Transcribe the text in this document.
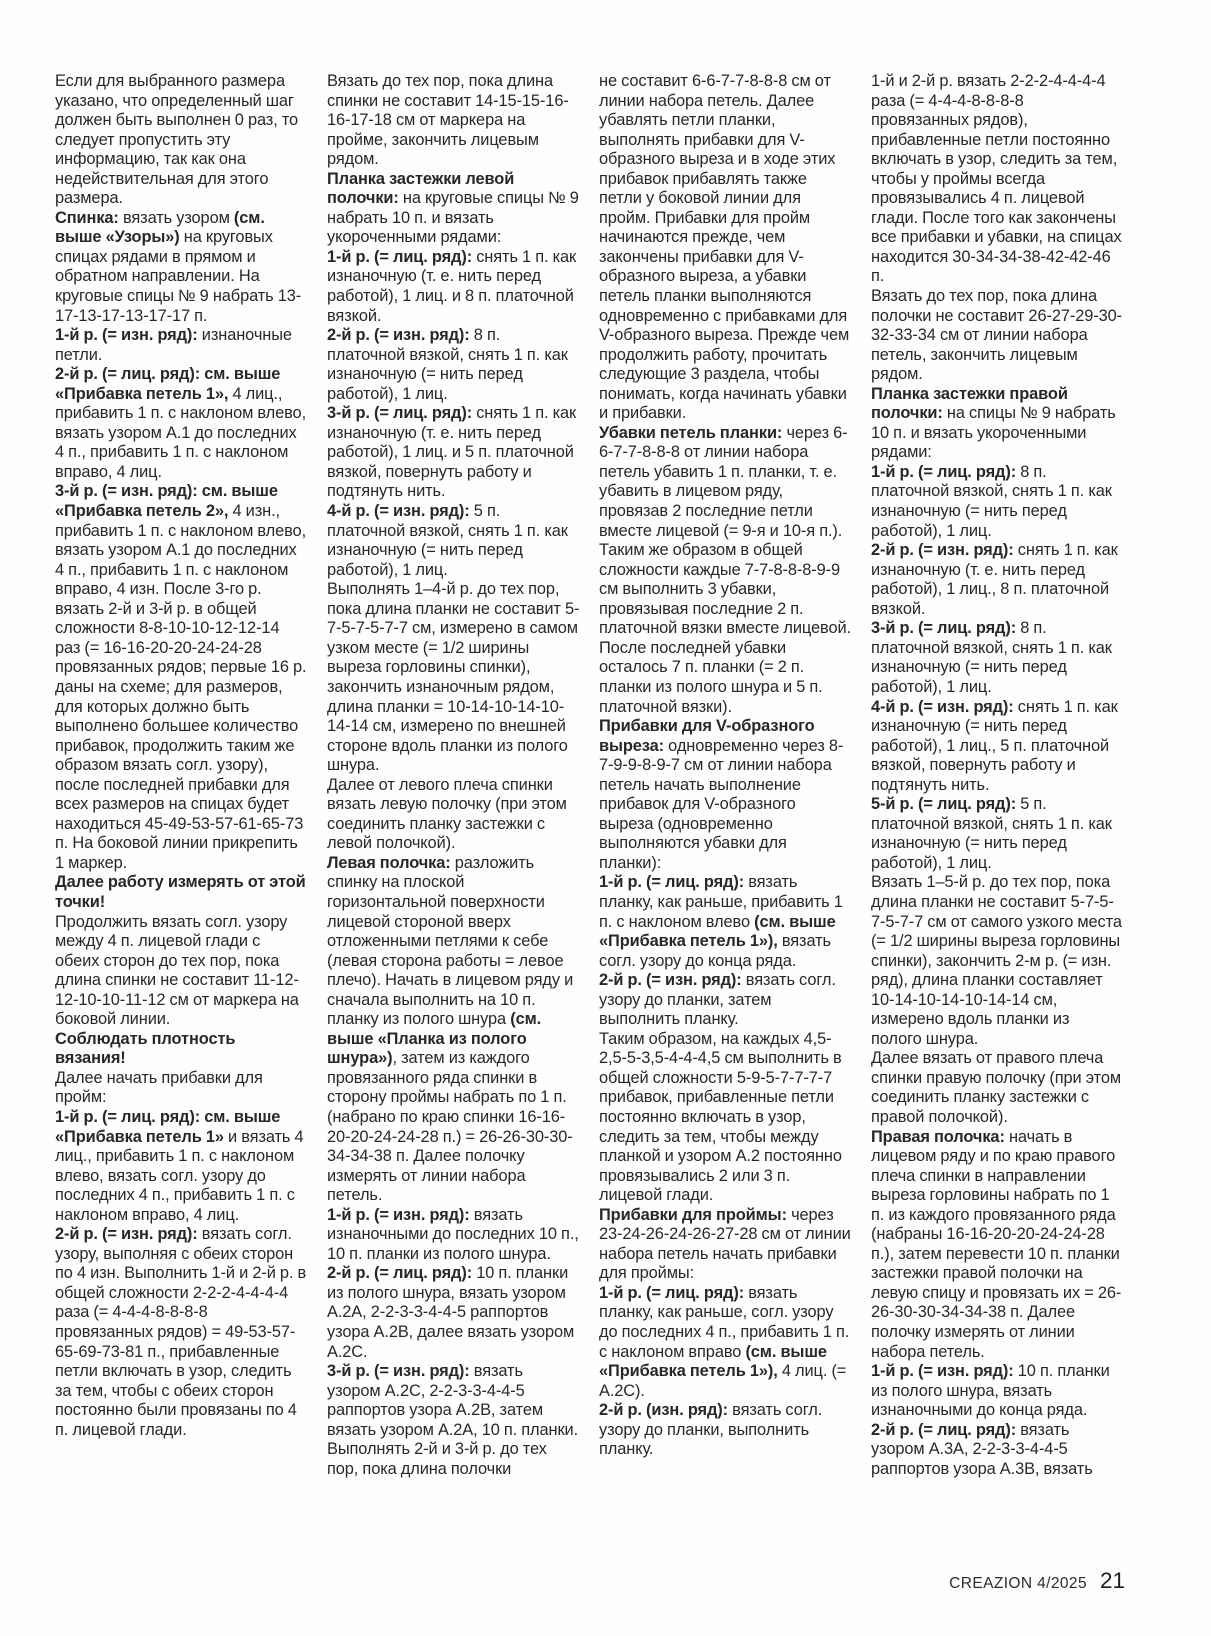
Если для выбранного размера указано, что определенный шаг должен быть выполнен 0 раз, то следует пропустить эту информацию, так как она недействительная для этого размера.

Спинка: вязать узором (см. выше «Узоры») на круговых спицах рядами в прямом и обратном направлении. На круговые спицы № 9 набрать 13-17-13-17-13-17-17 п.

1-й р. (= изн. ряд): изнаночные петли.

2-й р. (= лиц. ряд): см. выше «Прибавка петель 1», 4 лиц., прибавить 1 п. с наклоном влево, вязать узором А.1 до последних 4 п., прибавить 1 п. с наклоном вправо, 4 лиц.

3-й р. (= изн. ряд): см. выше «Прибавка петель 2», 4 изн., прибавить 1 п. с наклоном влево, вязать узором А.1 до последних 4 п., прибавить 1 п. с наклоном вправо, 4 изн. После 3-го р. вязать 2-й и 3-й р. в общей сложности 8-8-10-10-12-12-14 раз (= 16-16-20-20-24-24-28 провязанных рядов; первые 16 р. даны на схеме; для размеров, для которых должно быть выполнено большее количество прибавок, продолжить таким же образом вязать согл. узору), после последней прибавки для всех размеров на спицах будет находиться 45-49-53-57-61-65-73 п. На боковой линии прикрепить 1 маркер.

Далее работу измерять от этой точки!

Продолжить вязать согл. узору между 4 п. лицевой глади с обеих сторон до тех пор, пока длина спинки не составит 11-12-12-10-10-11-12 см от маркера на боковой линии.

Соблюдать плотность вязания!

Далее начать прибавки для пройм:

1-й р. (= лиц. ряд): см. выше «Прибавка петель 1» и вязать 4 лиц., прибавить 1 п. с наклоном влево, вязать согл. узору до последних 4 п., прибавить 1 п. с наклоном вправо, 4 лиц.

2-й р. (= изн. ряд): вязать согл. узору, выполняя с обеих сторон по 4 изн. Выполнить 1-й и 2-й р. в общей сложности 2-2-2-4-4-4-4 раза (= 4-4-4-8-8-8-8 провязанных рядов) = 49-53-57-65-69-73-81 п., прибавленные петли включать в узор, следить за тем, чтобы с обеих сторон постоянно были провязаны по 4 п. лицевой глади.

Вязать до тех пор, пока длина спинки не составит 14-15-15-16-16-17-18 см от маркера на пройме, закончить лицевым рядом.

Планка застежки левой полочки: на круговые спицы № 9 набрать 10 п. и вязать укороченными рядами:

1-й р. (= лиц. ряд): снять 1 п. как изнаночную (т. е. нить перед работой), 1 лиц. и 8 п. платочной вязкой.

2-й р. (= изн. ряд): 8 п. платочной вязкой, снять 1 п. как изнаночную (= нить перед работой), 1 лиц.

3-й р. (= лиц. ряд): снять 1 п. как изнаночную (т. е. нить перед работой), 1 лиц. и 5 п. платочной вязкой, повернуть работу и подтянуть нить.

4-й р. (= изн. ряд): 5 п. платочной вязкой, снять 1 п. как изнаночную (= нить перед работой), 1 лиц.

Выполнять 1–4-й р. до тех пор, пока длина планки не составит 5-7-5-7-5-7-7 см, измерено в самом узком месте (= 1/2 ширины выреза горловины спинки), закончить изнаночным рядом, длина планки = 10-14-10-14-10-14-14 см, измерено по внешней стороне вдоль планки из полого шнура.

Далее от левого плеча спинки вязать левую полочку (при этом соединить планку застежки с левой полочкой).

Левая полочка: разложить спинку на плоской горизонтальной поверхности лицевой стороной вверх отложенными петлями к себе (левая сторона работы = левое плечо). Начать в лицевом ряду и сначала выполнить на 10 п. планку из полого шнура (см. выше «Планка из полого шнура»), затем из каждого провязанного ряда спинки в сторону проймы набрать по 1 п. (набрано по краю спинки 16-16-20-20-24-24-28 п.) = 26-26-30-30-34-34-38 п. Далее полочку измерять от линии набора петель.

1-й р. (= изн. ряд): вязать изнаночными до последних 10 п., 10 п. планки из полого шнура.

2-й р. (= лиц. ряд): 10 п. планки из полого шнура, вязать узором А.2А, 2-2-3-3-4-4-5 раппортов узора А.2В, далее вязать узором А.2С.

3-й р. (= изн. ряд): вязать узором А.2С, 2-2-3-3-4-4-5 раппортов узора А.2В, затем вязать узором А.2А, 10 п. планки.

Выполнять 2-й и 3-й р. до тех пор, пока длина полочки

не составит 6-6-7-7-8-8-8 см от линии набора петель. Далее убавлять петли планки, выполнять прибавки для V-образного выреза и в ходе этих прибавок прибавлять также петли у боковой линии для пройм. Прибавки для пройм начинаются прежде, чем закончены прибавки для V-образного выреза, а убавки петель планки выполняются одновременно с прибавками для V-образного выреза. Прежде чем продолжить работу, прочитать следующие 3 раздела, чтобы понимать, когда начинать убавки и прибавки.

Убавки петель планки: через 6-6-7-7-8-8-8 от линии набора петель убавить 1 п. планки, т. е. убавить в лицевом ряду, провязав 2 последние петли вместе лицевой (= 9-я и 10-я п.). Таким же образом в общей сложности каждые 7-7-8-8-8-9-9 см выполнить 3 убавки, провязывая последние 2 п. платочной вязки вместе лицевой. После последней убавки осталось 7 п. планки (= 2 п. планки из полого шнура и 5 п. платочной вязки).

Прибавки для V-образного выреза: одновременно через 8-7-9-9-8-9-7 см от линии набора петель начать выполнение прибавок для V-образного выреза (одновременно выполняются убавки для планки):

1-й р. (= лиц. ряд): вязать планку, как раньше, прибавить 1 п. с наклоном влево (см. выше «Прибавка петель 1»), вязать согл. узору до конца ряда.

2-й р. (= изн. ряд): вязать согл. узору до планки, затем выполнить планку.

Таким образом, на каждых 4,5-2,5-5-3,5-4-4-4,5 см выполнить в общей сложности 5-9-5-7-7-7-7 прибавок, прибавленные петли постоянно включать в узор, следить за тем, чтобы между планкой и узором А.2 постоянно провязывались 2 или 3 п. лицевой глади.

Прибавки для проймы: через 23-24-26-24-26-27-28 см от линии набора петель начать прибавки для проймы:

1-й р. (= лиц. ряд): вязать планку, как раньше, согл. узору до последних 4 п., прибавить 1 п. с наклоном вправо (см. выше «Прибавка петель 1»), 4 лиц. (= А.2С).

2-й р. (изн. ряд): вязать согл. узору до планки, выполнить планку.

1-й и 2-й р. вязать 2-2-2-4-4-4-4 раза (= 4-4-4-8-8-8-8 провязанных рядов), прибавленные петли постоянно включать в узор, следить за тем, чтобы у проймы всегда провязывались 4 п. лицевой глади. После того как закончены все прибавки и убавки, на спицах находится 30-34-34-38-42-42-46 п.

Вязать до тех пор, пока длина полочки не составит 26-27-29-30-32-33-34 см от линии набора петель, закончить лицевым рядом.

Планка застежки правой полочки: на спицы № 9 набрать 10 п. и вязать укороченными рядами:

1-й р. (= лиц. ряд): 8 п. платочной вязкой, снять 1 п. как изнаночную (= нить перед работой), 1 лиц.

2-й р. (= изн. ряд): снять 1 п. как изнаночную (т. е. нить перед работой), 1 лиц., 8 п. платочной вязкой.

3-й р. (= лиц. ряд): 8 п. платочной вязкой, снять 1 п. как изнаночную (= нить перед работой), 1 лиц.

4-й р. (= изн. ряд): снять 1 п. как изнаночную (= нить перед работой), 1 лиц., 5 п. платочной вязкой, повернуть работу и подтянуть нить.

5-й р. (= лиц. ряд): 5 п. платочной вязкой, снять 1 п. как изнаночную (= нить перед работой), 1 лиц.

Вязать 1–5-й р. до тех пор, пока длина планки не составит 5-7-5-7-5-7-7 см от самого узкого места (= 1/2 ширины выреза горловины спинки), закончить 2-м р. (= изн. ряд), длина планки составляет 10-14-10-14-10-14-14 см, измерено вдоль планки из полого шнура.

Далее вязать от правого плеча спинки правую полочку (при этом соединить планку застежки с правой полочкой).

Правая полочка: начать в лицевом ряду и по краю правого плеча спинки в направлении выреза горловины набрать по 1 п. из каждого провязанного ряда (набраны 16-16-20-20-24-24-28 п.), затем перевести 10 п. планки застежки правой полочки на левую спицу и провязать их = 26-26-30-30-34-34-38 п. Далее полочку измерять от линии набора петель.

1-й р. (= изн. ряд): 10 п. планки из полого шнура, вязать изнаночными до конца ряда.

2-й р. (= лиц. ряд): вязать узором А.3А, 2-2-3-3-4-4-5 раппортов узора А.3В, вязать

CREAZION 4/2025 21
